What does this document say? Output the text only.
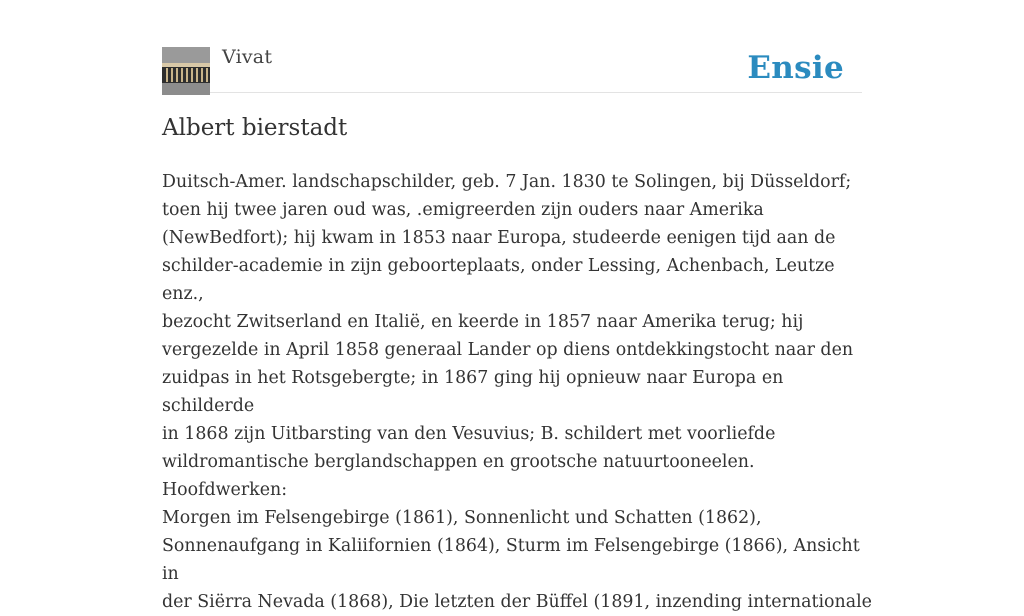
Vivat	Ensie
Albert bierstadt
Duitsch-Amer. landschapschilder, geb. 7 Jan. 1830 te Solingen, bij Düsseldorf;
toen hij twee jaren oud was, .emigreerden zijn ouders naar Amerika
(NewBedfort); hij kwam in 1853 naar Europa, studeerde eenigen tijd aan de
schilder-academie in zijn geboorteplaats, onder Lessing, Achenbach, Leutze enz.,
bezocht Zwitserland en Italië, en keerde in 1857 naar Amerika terug; hij
vergezelde in April 1858 generaal Lander op diens ontdekkingstocht naar den
zuidpas in het Rotsgebergte; in 1867 ging hij opnieuw naar Europa en schilderde
in 1868 zijn Uitbarsting van den Vesuvius; B. schildert met voorliefde
wildromantische berglandschappen en grootsche natuurtooneelen. Hoofdwerken:
Morgen im Felsengebirge (1861), Sonnenlicht und Schatten (1862),
Sonnenaufgang in Kaliifornien (1864), Sturm im Felsengebirge (1866), Ansicht in
der Siërra Nevada (1868), Die letzten der Büffel (1891, inzending internationale
